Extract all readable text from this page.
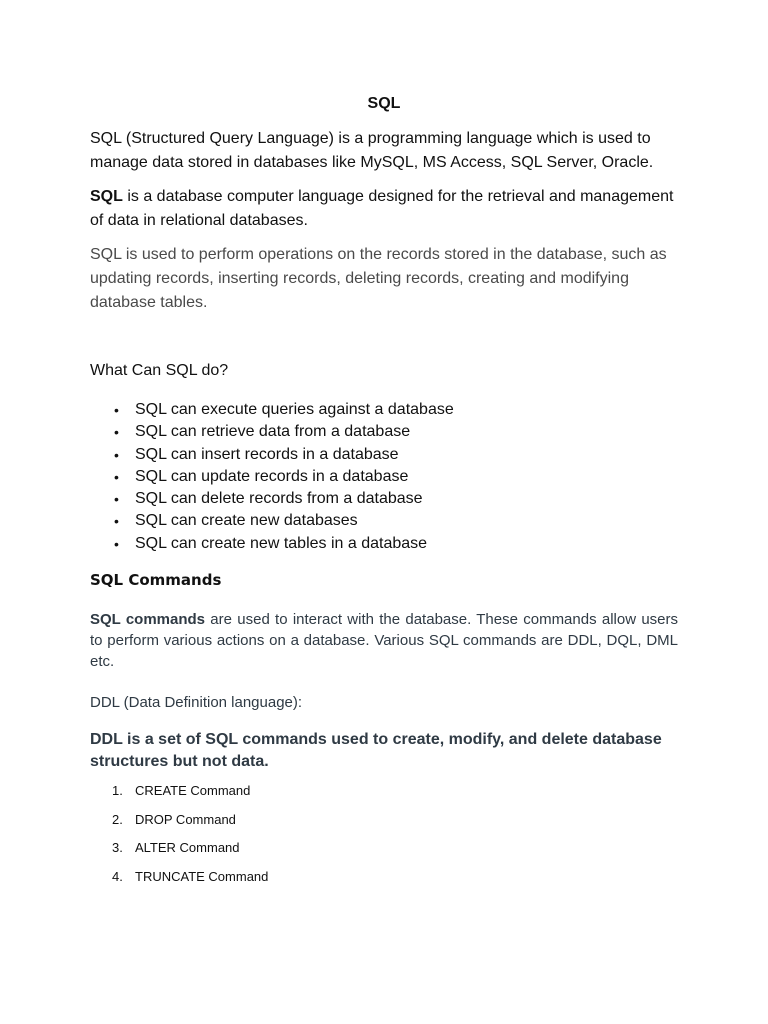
SQL

SQL (Structured Query Language) is a programming language which is used to manage data stored in databases like MySQL, MS Access, SQL Server, Oracle.

SQL is a database computer language designed for the retrieval and management of data in relational databases.

SQL is used to perform operations on the records stored in the database, such as updating records, inserting records, deleting records, creating and modifying database tables.

What Can SQL do?

• SQL can execute queries against a database
• SQL can retrieve data from a database
• SQL can insert records in a database
• SQL can update records in a database
• SQL can delete records from a database
• SQL can create new databases
• SQL can create new tables in a database
SQL Commands

SQL commands are used to interact with the database. These commands allow users to perform various actions on a database. Various SQL commands are DDL, DQL, DML etc.

DDL (Data Definition language):

DDL is a set of SQL commands used to create, modify, and delete database structures but not data.

1. CREATE Command
2. DROP Command
3. ALTER Command
4. TRUNCATE Command
